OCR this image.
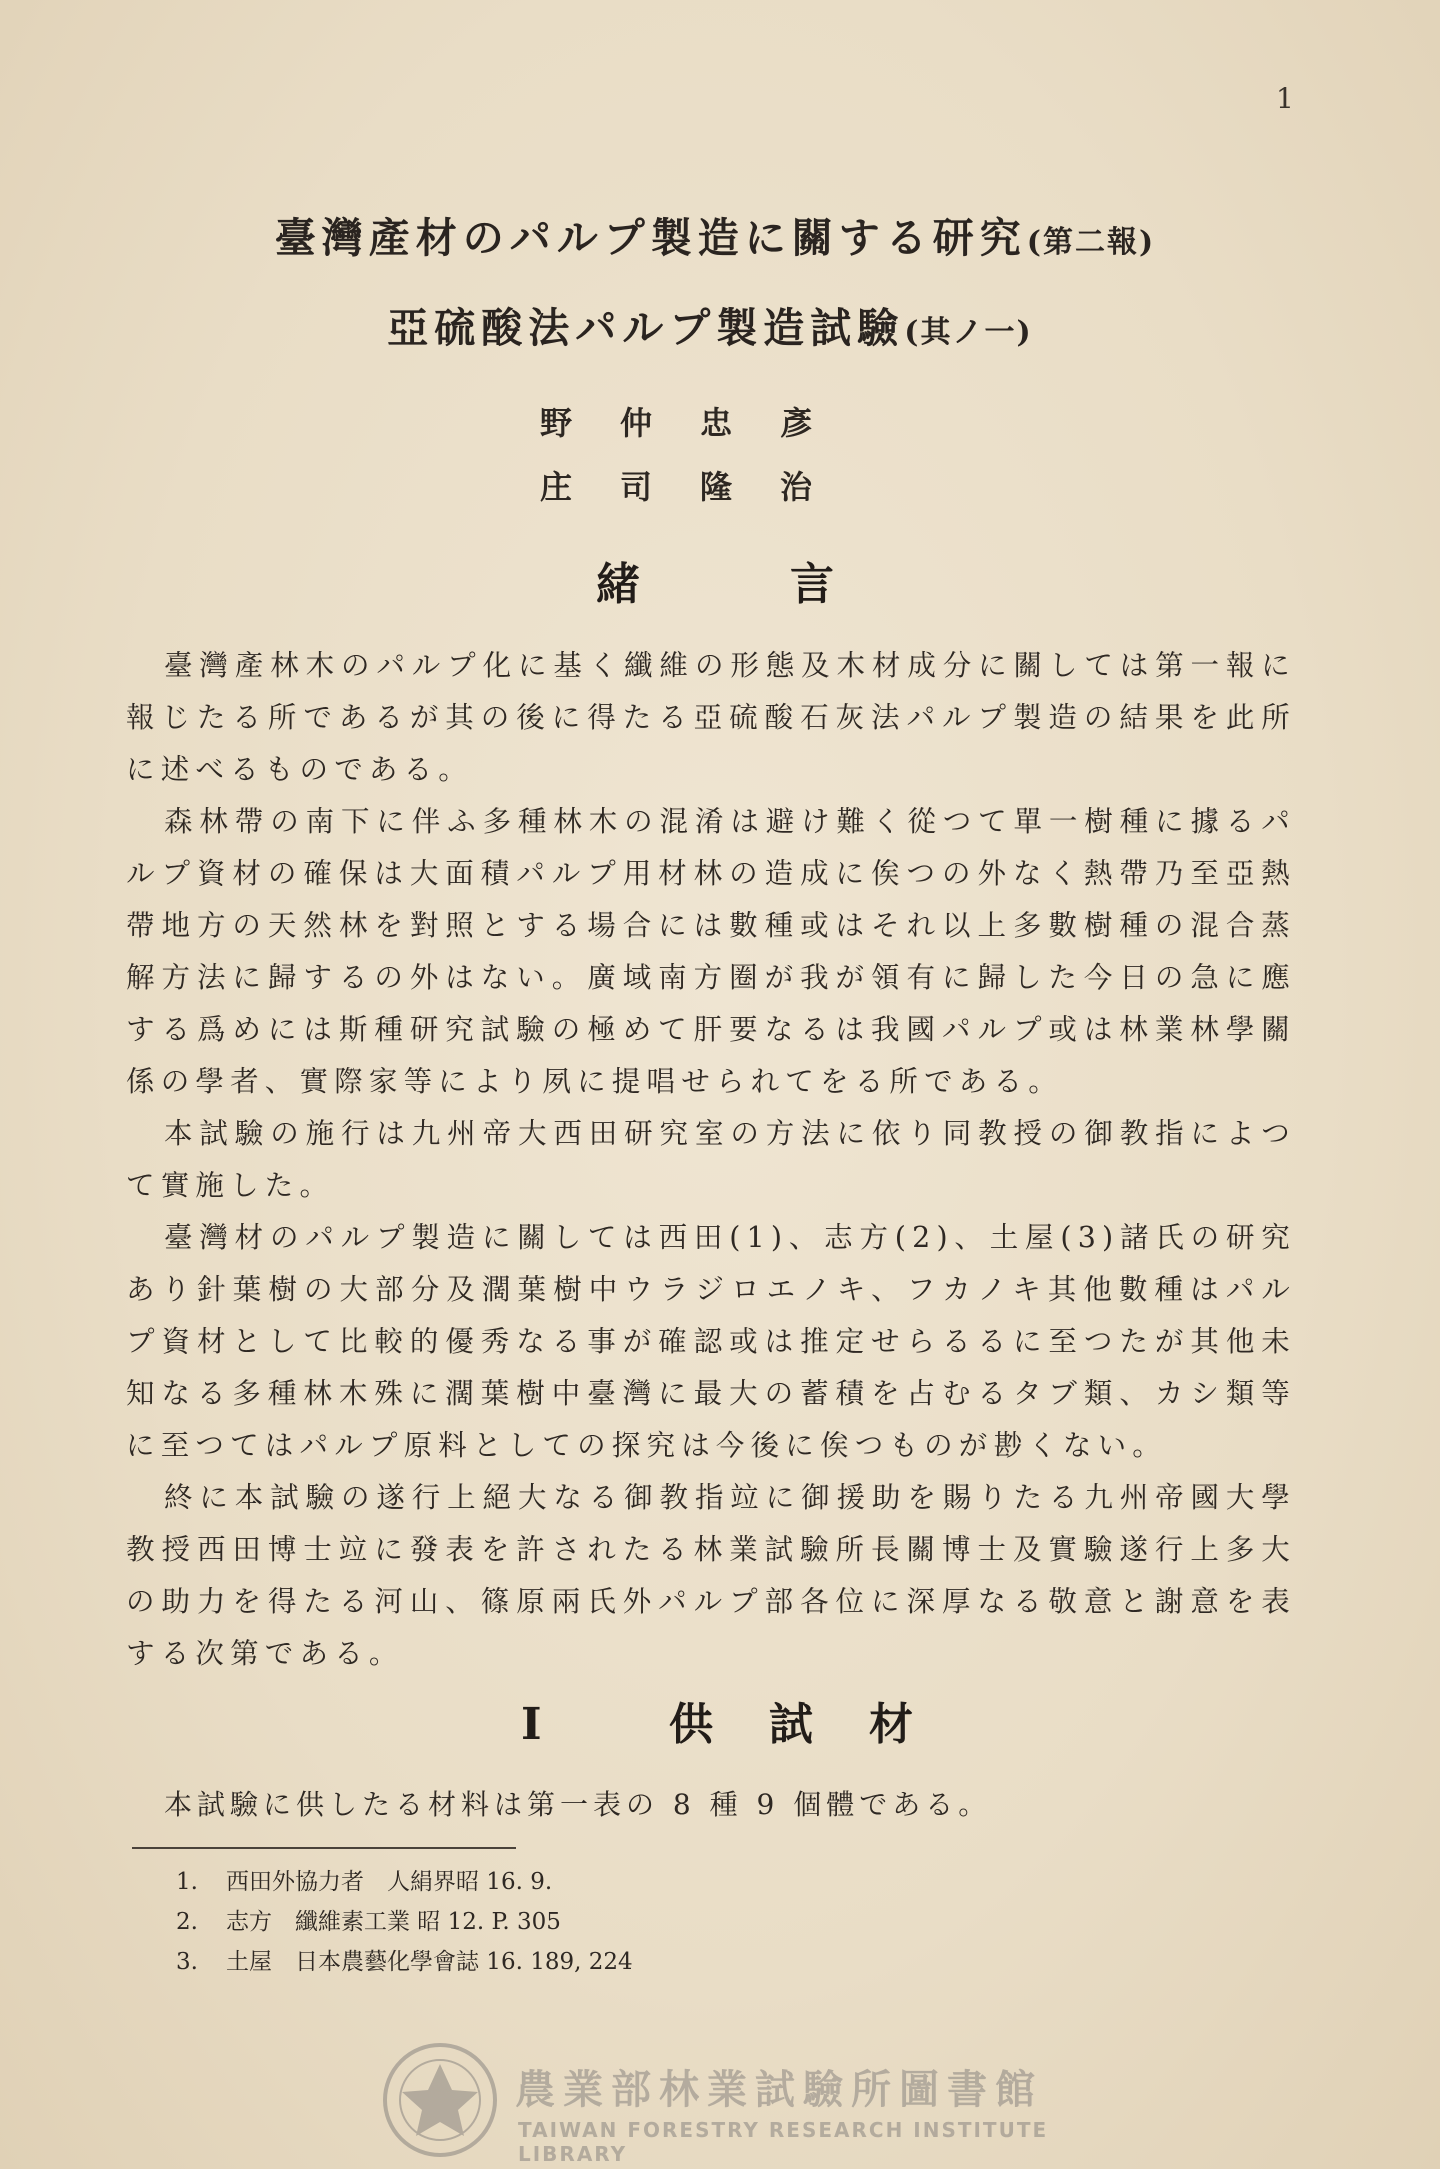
1
臺灣產材のパルプ製造に關する研究(第二報)
亞硫酸法パルプ製造試驗(其ノ一)
野仲忠彥
庄司隆治
緒言

臺灣產林木のパルプ化に基く纖維の形態及木材成分に關しては第一報に報じたる所であるが其の後に得たる亞硫酸石灰法パルプ製造の結果を此所に述べるものである。

森林帶の南下に伴ふ多種林木の混淆は避け難く從つて單一樹種に據るパルプ資材の確保は大面積パルプ用材林の造成に俟つの外なく熱帶乃至亞熱帶地方の天然林を對照とする場合には數種或はそれ以上多數樹種の混合蒸解方法に歸するの外はない。廣域南方圈が我が領有に歸した今日の急に應する爲めには斯種研究試驗の極めて肝要なるは我國パルプ或は林業林學關係の學者、實際家等により夙に提唱せられてをる所である。

本試驗の施行は九州帝大西田研究室の方法に依り同教授の御教指によつて實施した。

臺灣材のパルプ製造に關しては西田(1)、志方(2)、土屋(3)諸氏の研究あり針葉樹の大部分及濶葉樹中ウラジロエノキ、フカノキ其他數種はパルプ資材として比較的優秀なる事が確認或は推定せらるるに至つたが其他未知なる多種林木殊に濶葉樹中臺灣に最大の蓄積を占むるタブ類、カシ類等に至つてはパルプ原料としての探究は今後に俟つものが尠くない。

終に本試驗の遂行上絕大なる御教指竝に御援助を賜りたる九州帝國大學教授西田博士竝に發表を許されたる林業試驗所長關博士及實驗遂行上多大の助力を得たる河山、篠原兩氏外パルプ部各位に深厚なる敬意と謝意を表する次第である。

I 供試材
本試驗に供したる材料は第一表の 8 種 9 個體である。
1. 西田外協力者　人絹界昭 16. 9.
2. 志方　纖維素工業 昭 12. P. 305
3. 土屋　日本農藝化學會誌 16. 189, 224
農業部林業試驗所圖書館
TAIWAN FORESTRY RESEARCH INSTITUTE LIBRARY
